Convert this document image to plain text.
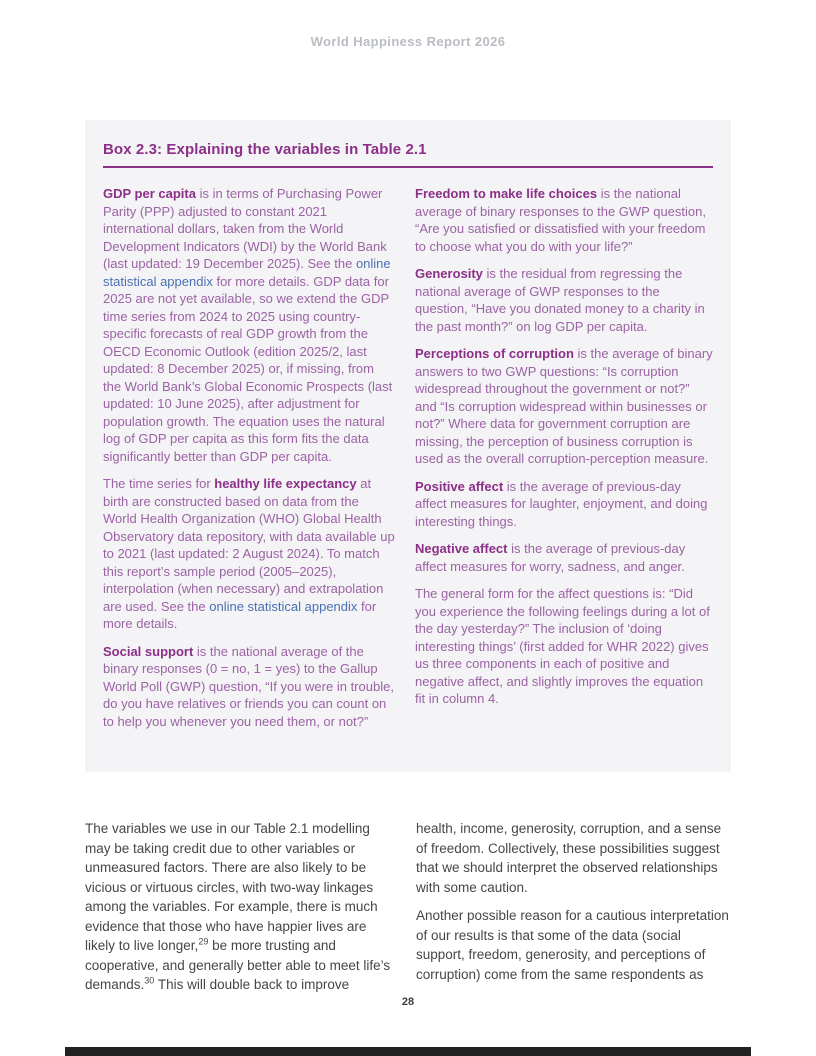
World Happiness Report 2026
Box 2.3: Explaining the variables in Table 2.1

GDP per capita is in terms of Purchasing Power Parity (PPP) adjusted to constant 2021 international dollars, taken from the World Development Indicators (WDI) by the World Bank (last updated: 19 December 2025). See the online statistical appendix for more details. GDP data for 2025 are not yet available, so we extend the GDP time series from 2024 to 2025 using country-specific forecasts of real GDP growth from the OECD Economic Outlook (edition 2025/2, last updated: 8 December 2025) or, if missing, from the World Bank’s Global Economic Prospects (last updated: 10 June 2025), after adjustment for population growth. The equation uses the natural log of GDP per capita as this form fits the data significantly better than GDP per capita.

The time series for healthy life expectancy at birth are constructed based on data from the World Health Organization (WHO) Global Health Observatory data repository, with data available up to 2021 (last updated: 2 August 2024). To match this report’s sample period (2005–2025), interpolation (when necessary) and extrapolation are used. See the online statistical appendix for more details.

Social support is the national average of the binary responses (0 = no, 1 = yes) to the Gallup World Poll (GWP) question, “If you were in trouble, do you have relatives or friends you can count on to help you whenever you need them, or not?”

Freedom to make life choices is the national average of binary responses to the GWP question, “Are you satisfied or dissatisfied with your freedom to choose what you do with your life?”

Generosity is the residual from regressing the national average of GWP responses to the question, “Have you donated money to a charity in the past month?” on log GDP per capita.

Perceptions of corruption is the average of binary answers to two GWP questions: “Is corruption widespread throughout the government or not?” and “Is corruption widespread within businesses or not?” Where data for government corruption are missing, the perception of business corruption is used as the overall corruption-perception measure.

Positive affect is the average of previous-day affect measures for laughter, enjoyment, and doing interesting things.

Negative affect is the average of previous-day affect measures for worry, sadness, and anger.

The general form for the affect questions is: “Did you experience the following feelings during a lot of the day yesterday?” The inclusion of ‘doing interesting things’ (first added for WHR 2022) gives us three components in each of positive and negative affect, and slightly improves the equation fit in column 4.

The variables we use in our Table 2.1 modelling may be taking credit due to other variables or unmeasured factors. There are also likely to be vicious or virtuous circles, with two-way linkages among the variables. For example, there is much evidence that those who have happier lives are likely to live longer,$^{29}$ be more trusting and cooperative, and generally better able to meet life’s demands.$^{30}$ This will double back to improve

health, income, generosity, corruption, and a sense of freedom. Collectively, these possibilities suggest that we should interpret the observed relationships with some caution.

Another possible reason for a cautious interpretation of our results is that some of the data (social support, freedom, generosity, and perceptions of corruption) come from the same respondents as

28
